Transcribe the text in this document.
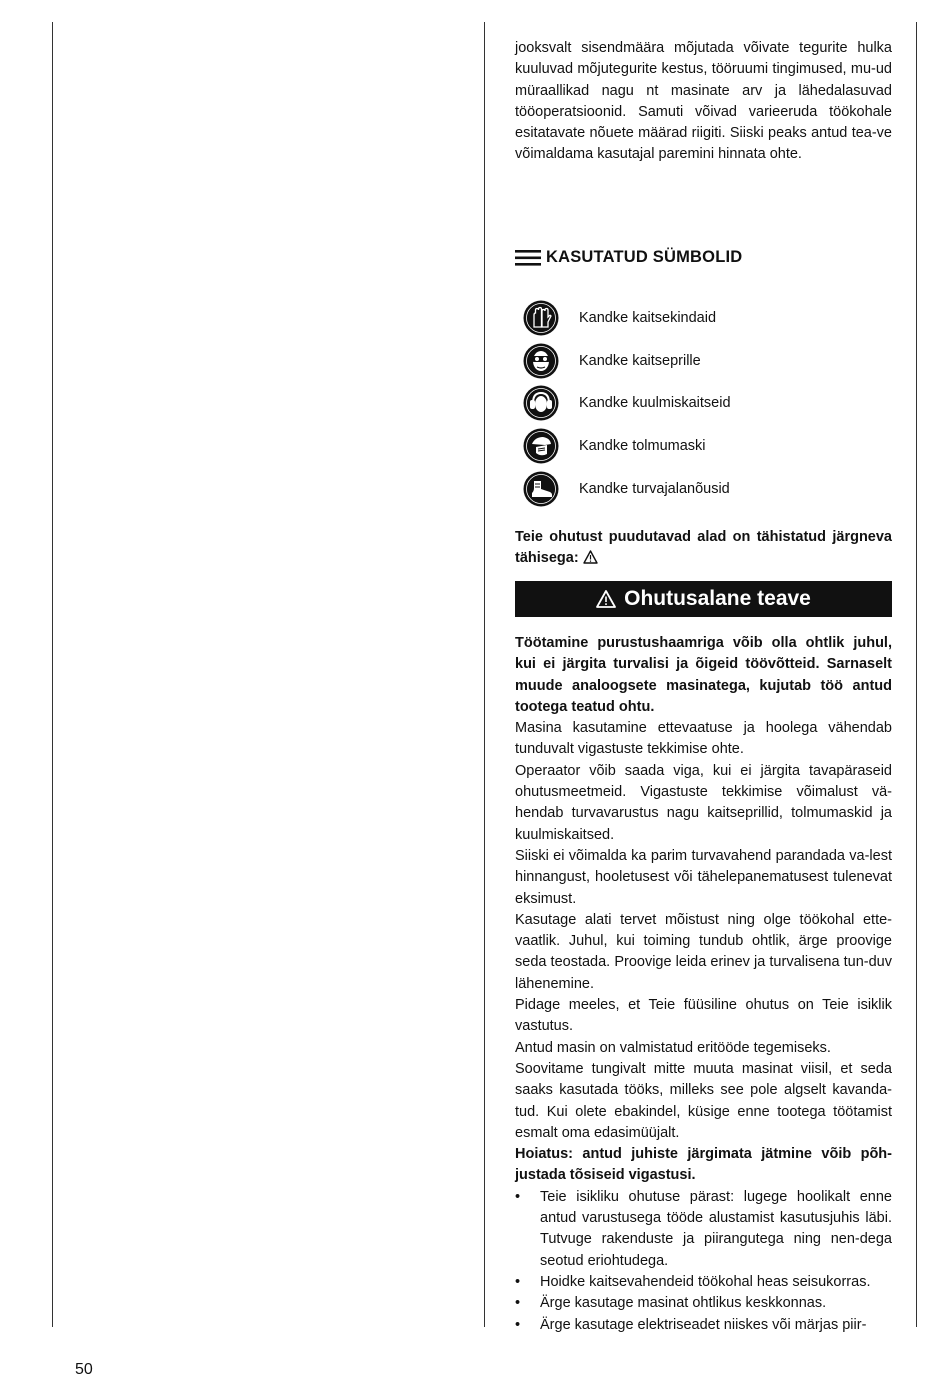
jooksvalt sisendmäära mõjutada võivate tegurite hulka kuuluvad mõjutegurite kestus, tööruumi tingimused, mu-ud müraallikad nagu nt masinate arv ja lähedalasuvad tööoperatsioonid. Samuti võivad varieeruda töökohale esitatavate nõuete määrad riigiti. Siiski peaks antud tea-ve võimaldama kasutajal paremini hinnata ohte.
KASUTATUD SÜMBOLID
Kandke kaitsekindaid
Kandke kaitseprille
Kandke kuulmiskaitseid
Kandke tolmumaski
Kandke turvajalanõusid
Teie ohutust puudutavad alad on tähistatud järgneva tähisega:
Ohutusalane teave

Töötamine purustushaamriga võib olla ohtlik juhul, kui ei järgita turvalisi ja õigeid töövõtteid. Sarnaselt muude analoogsete masinatega, kujutab töö antud tootega teatud ohtu.

Masina kasutamine ettevaatuse ja hoolega vähendab tunduvalt vigastuste tekkimise ohte.

Operaator võib saada viga, kui ei järgita tavapäraseid ohutusmeetmeid. Vigastuste tekkimise võimalust vä-hendab turvavarustus nagu kaitseprillid, tolmumaskid ja kuulmiskaitsed.

Siiski ei võimalda ka parim turvavahend parandada va-lest hinnangust, hooletusest või tähelepanematusest tulenevat eksimust.

Kasutage alati tervet mõistust ning olge töökohal ette-vaatlik. Juhul, kui toiming tundub ohtlik, ärge proovige seda teostada. Proovige leida erinev ja turvalisena tun-duv lähenemine.

Pidage meeles, et Teie füüsiline ohutus on Teie isiklik vastutus.

Antud masin on valmistatud eritööde tegemiseks.

Soovitame tungivalt mitte muuta masinat viisil, et seda saaks kasutada tööks, milleks see pole algselt kavanda-tud. Kui olete ebakindel, küsige enne tootega töötamist esmalt oma edasimüüjalt.

Hoiatus: antud juhiste järgimata jätmine võib põh-justada tõsiseid vigastusi.

• Teie isikliku ohutuse pärast: lugege hoolikalt enne antud varustusega tööde alustamist kasutusjuhis läbi. Tutvuge rakenduste ja piirangutega ning nen-dega seotud eriohtudega.
• Hoidke kaitsevahendeid töökohal heas seisukorras.
• Ärge kasutage masinat ohtlikus keskkonnas.
• Ärge kasutage elektriseadet niiskes või märjas piir-
50
